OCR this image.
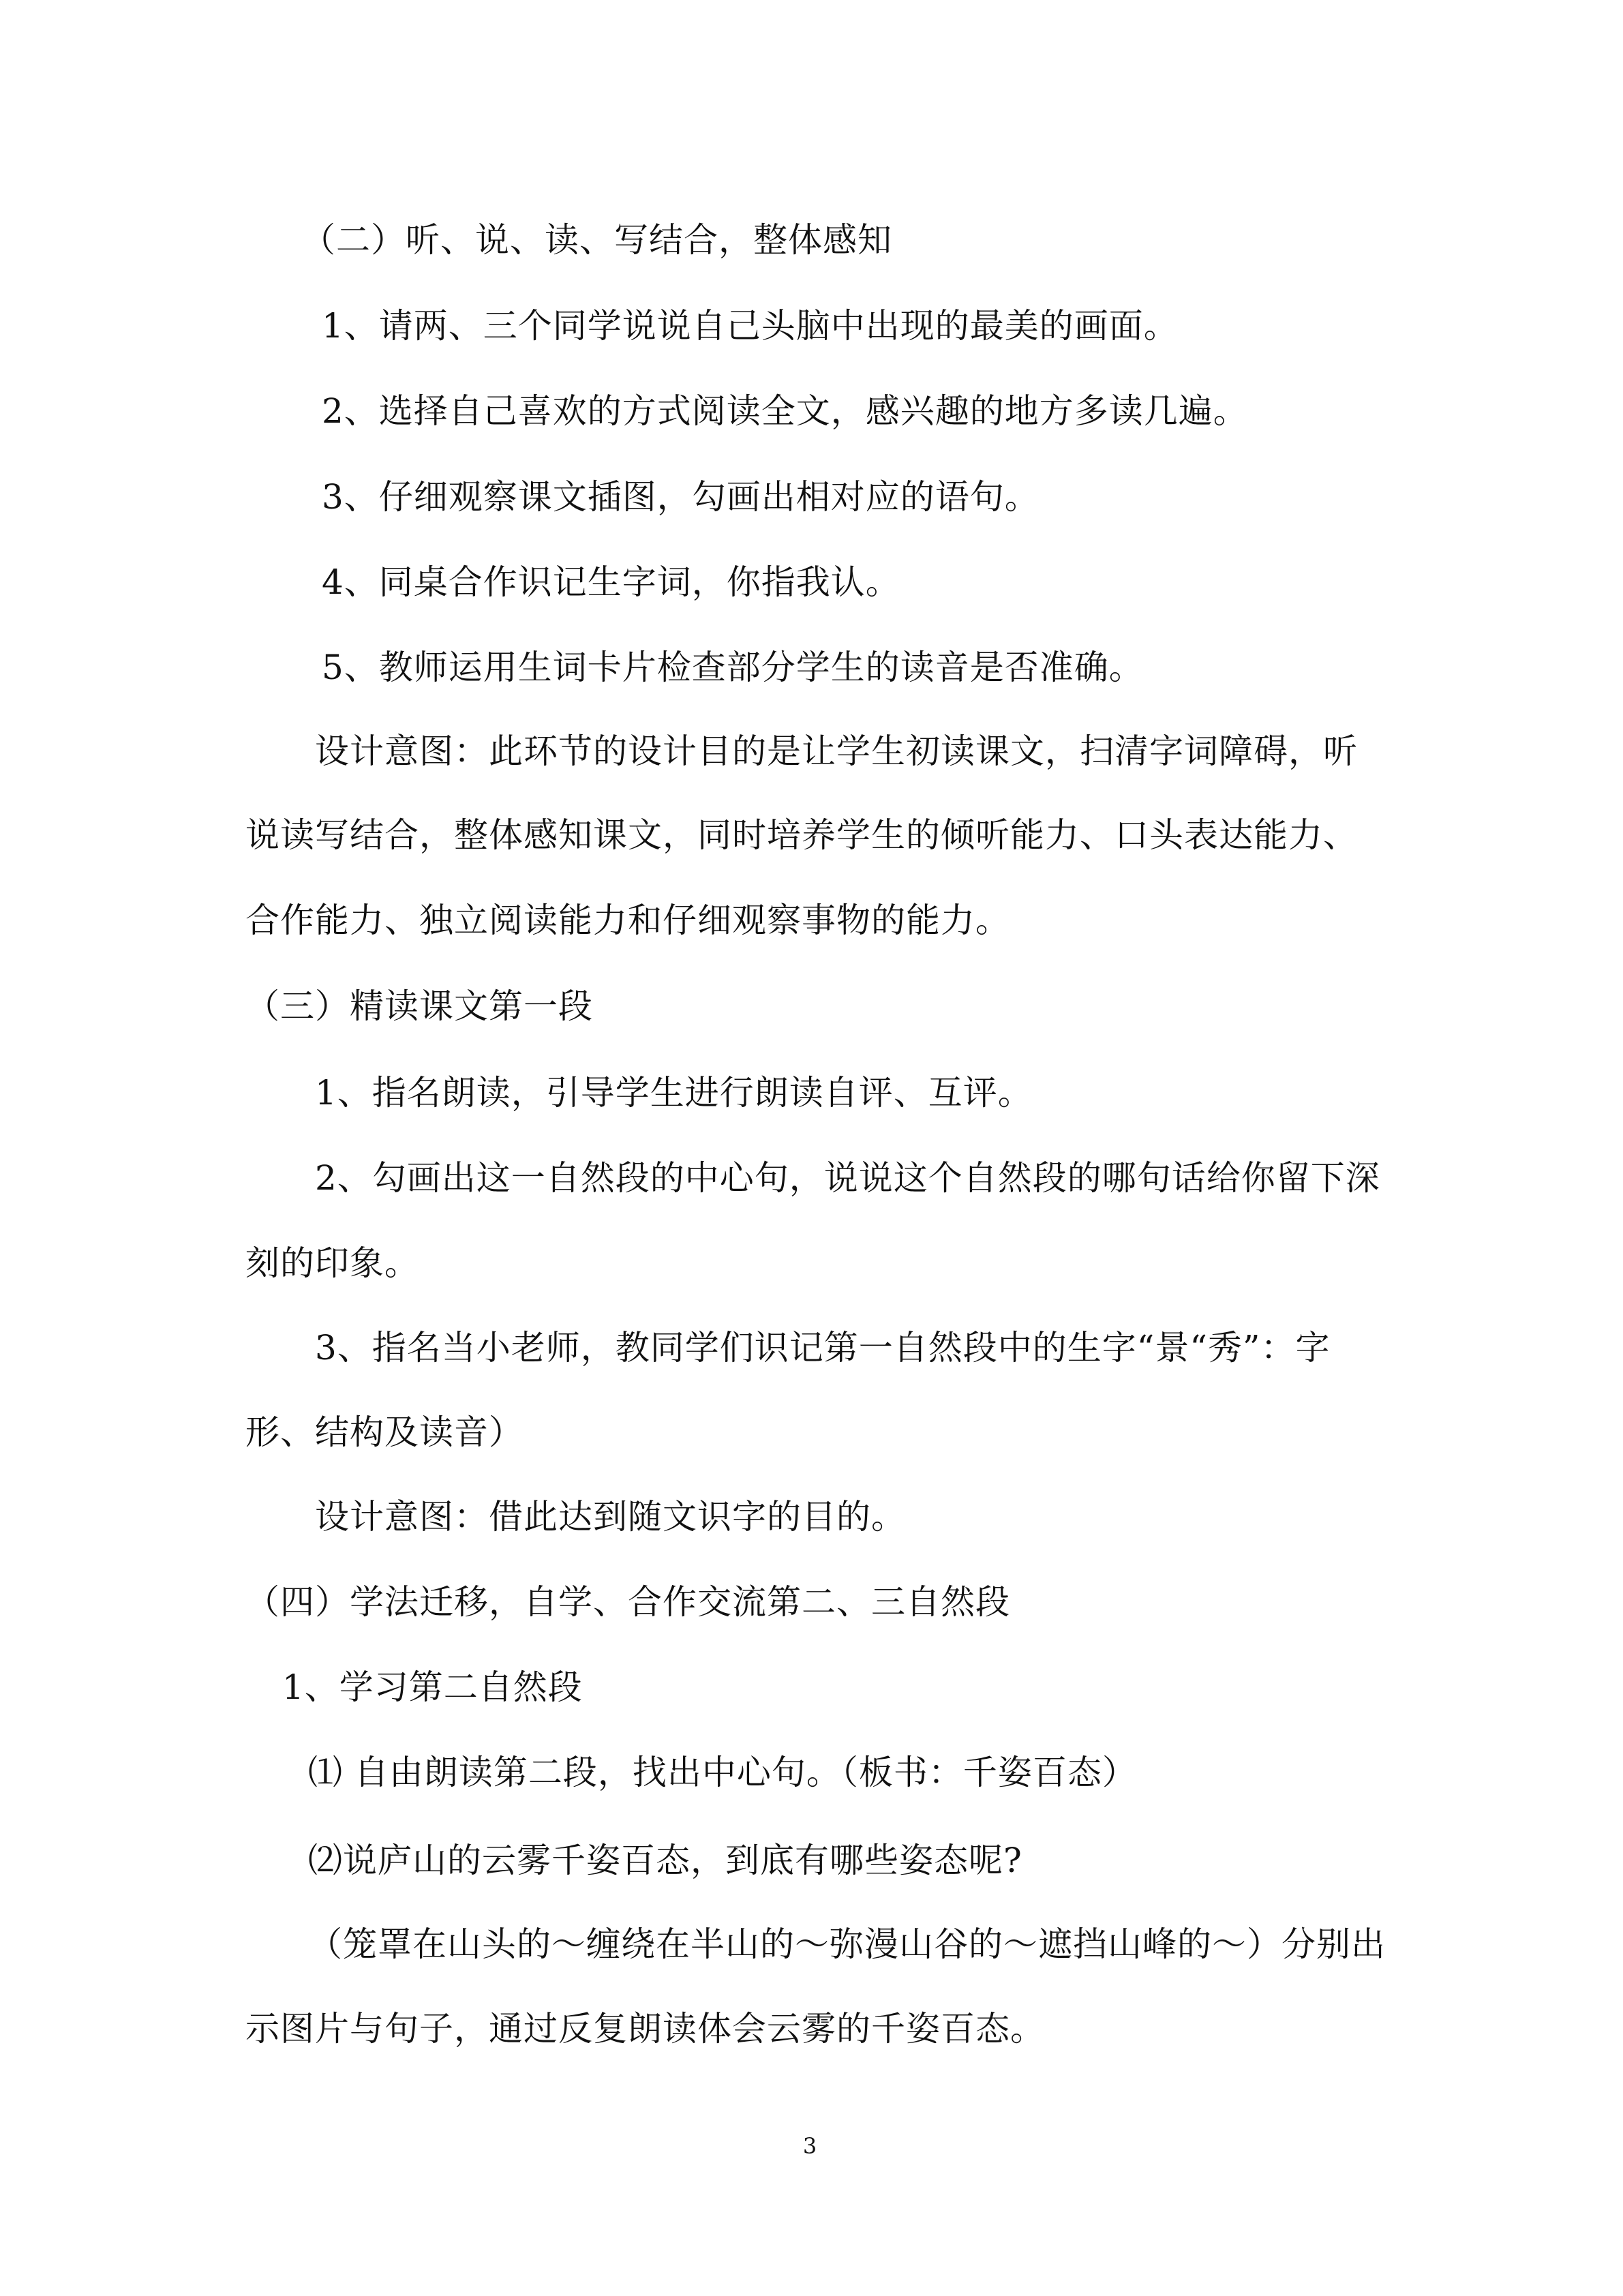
（二）听、说、读、写结合，整体感知
1、请两、三个同学说说自己头脑中出现的最美的画面。
2、选择自己喜欢的方式阅读全文，感兴趣的地方多读几遍。
3、仔细观察课文插图，勾画出相对应的语句。
4、同桌合作识记生字词，你指我认。
5、教师运用生词卡片检查部分学生的读音是否准确。
设计意图：此环节的设计目的是让学生初读课文，扫清字词障碍，听
说读写结合，整体感知课文，同时培养学生的倾听能力、口头表达能力、
合作能力、独立阅读能力和仔细观察事物的能力。
（三）精读课文第一段
1、指名朗读，引导学生进行朗读自评、互评。
2、勾画出这一自然段的中心句，说说这个自然段的哪句话给你留下深
刻的印象。
3、指名当小老师，教同学们识记第一自然段中的生字“景“秀”：字
形、结构及读音）
设计意图：借此达到随文识字的目的。
（四）学法迁移，自学、合作交流第二、三自然段
1、学习第二自然段
⑴ 自由朗读第二段，找出中心句。（板书：千姿百态）
⑵说庐山的云雾千姿百态，到底有哪些姿态呢?
（笼罩在山头的～缠绕在半山的～弥漫山谷的～遮挡山峰的～）分别出
示图片与句子，通过反复朗读体会云雾的千姿百态。
3
